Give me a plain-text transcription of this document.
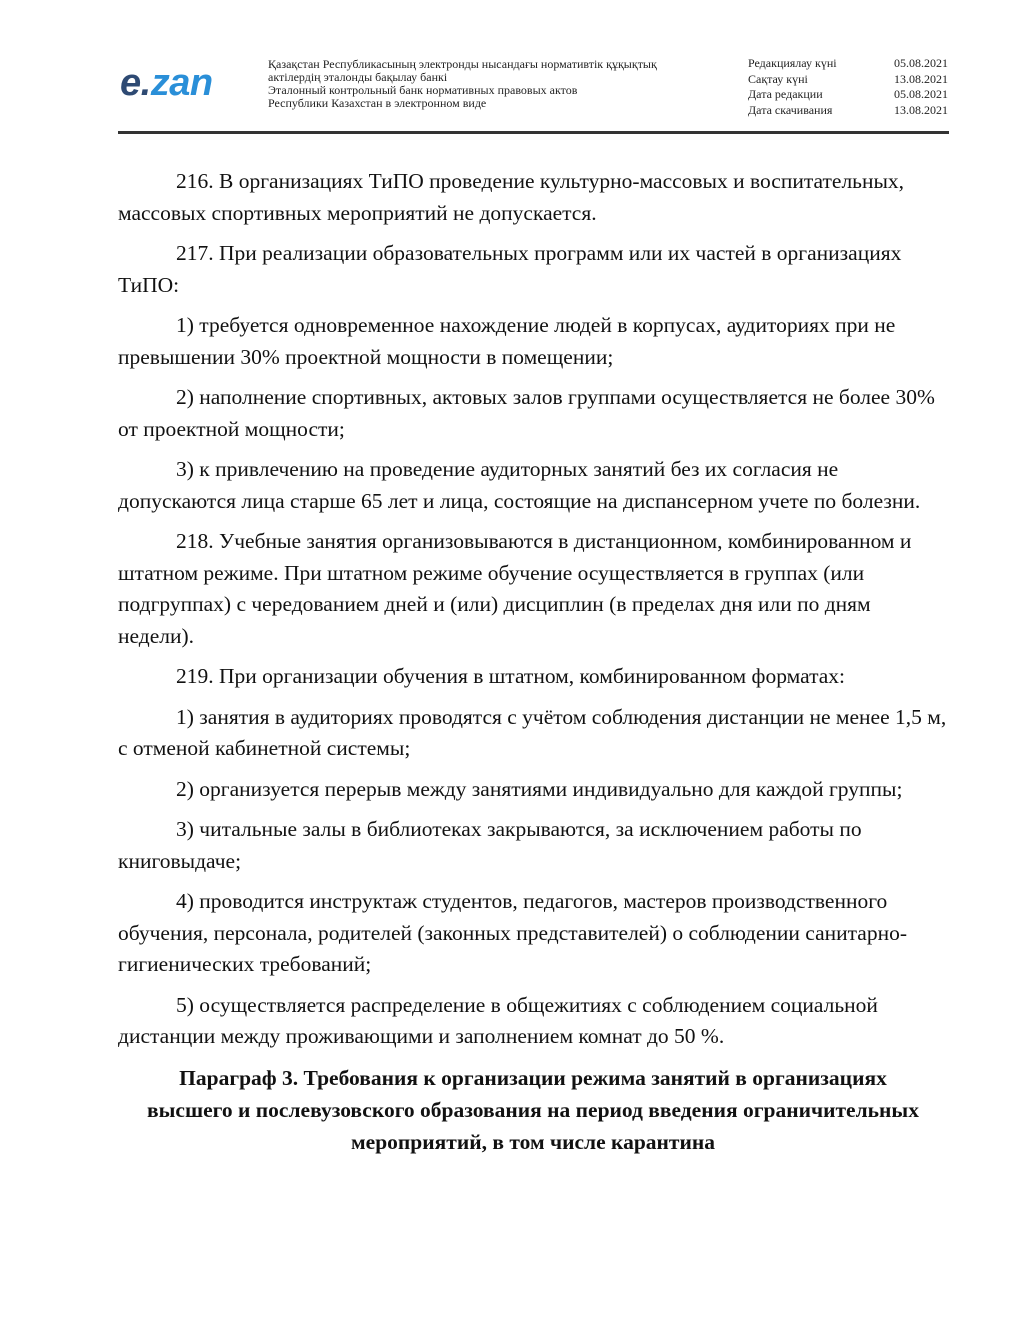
e.zan	Қазақстан Республикасының электронды нысандағы нормативтік құқықтық
актілердің эталонды бақылау банкі
Эталонный контрольный банк нормативных правовых актов
Республики Казахстан в электронном виде
Редакциялау күні	05.08.2021
Сақтау күні	13.08.2021
Дата редакции	05.08.2021
Дата скачивания	13.08.2021

216. В организациях ТиПО проведение культурно-массовых и воспитательных, массовых спортивных мероприятий не допускается.

217. При реализации образовательных программ или их частей в организациях ТиПО:

1) требуется одновременное нахождение людей в корпусах, аудиториях при не превышении 30% проектной мощности в помещении;

2) наполнение спортивных, актовых залов группами осуществляется не более 30% от проектной мощности;

3) к привлечению на проведение аудиторных занятий без их согласия не допускаются лица старше 65 лет и лица, состоящие на диспансерном учете по болезни.

218. Учебные занятия организовываются в дистанционном, комбинированном и штатном режиме. При штатном режиме обучение осуществляется в группах (или подгруппах) с чередованием дней и (или) дисциплин (в пределах дня или по дням недели).

219. При организации обучения в штатном, комбинированном форматах:

1) занятия в аудиториях проводятся с учётом соблюдения дистанции не менее 1,5 м, с отменой кабинетной системы;

2) организуется перерыв между занятиями индивидуально для каждой группы;

3) читальные залы в библиотеках закрываются, за исключением работы по книговыдаче;

4) проводится инструктаж студентов, педагогов, мастеров производственного обучения, персонала, родителей (законных представителей) о соблюдении санитарно-гигиенических требований;

5) осуществляется распределение в общежитиях с соблюдением социальной дистанции между проживающими и заполнением комнат до 50 %.

Параграф 3. Требования к организации режима занятий в организациях высшего и послевузовского образования на период введения ограничительных мероприятий, в том числе карантина
